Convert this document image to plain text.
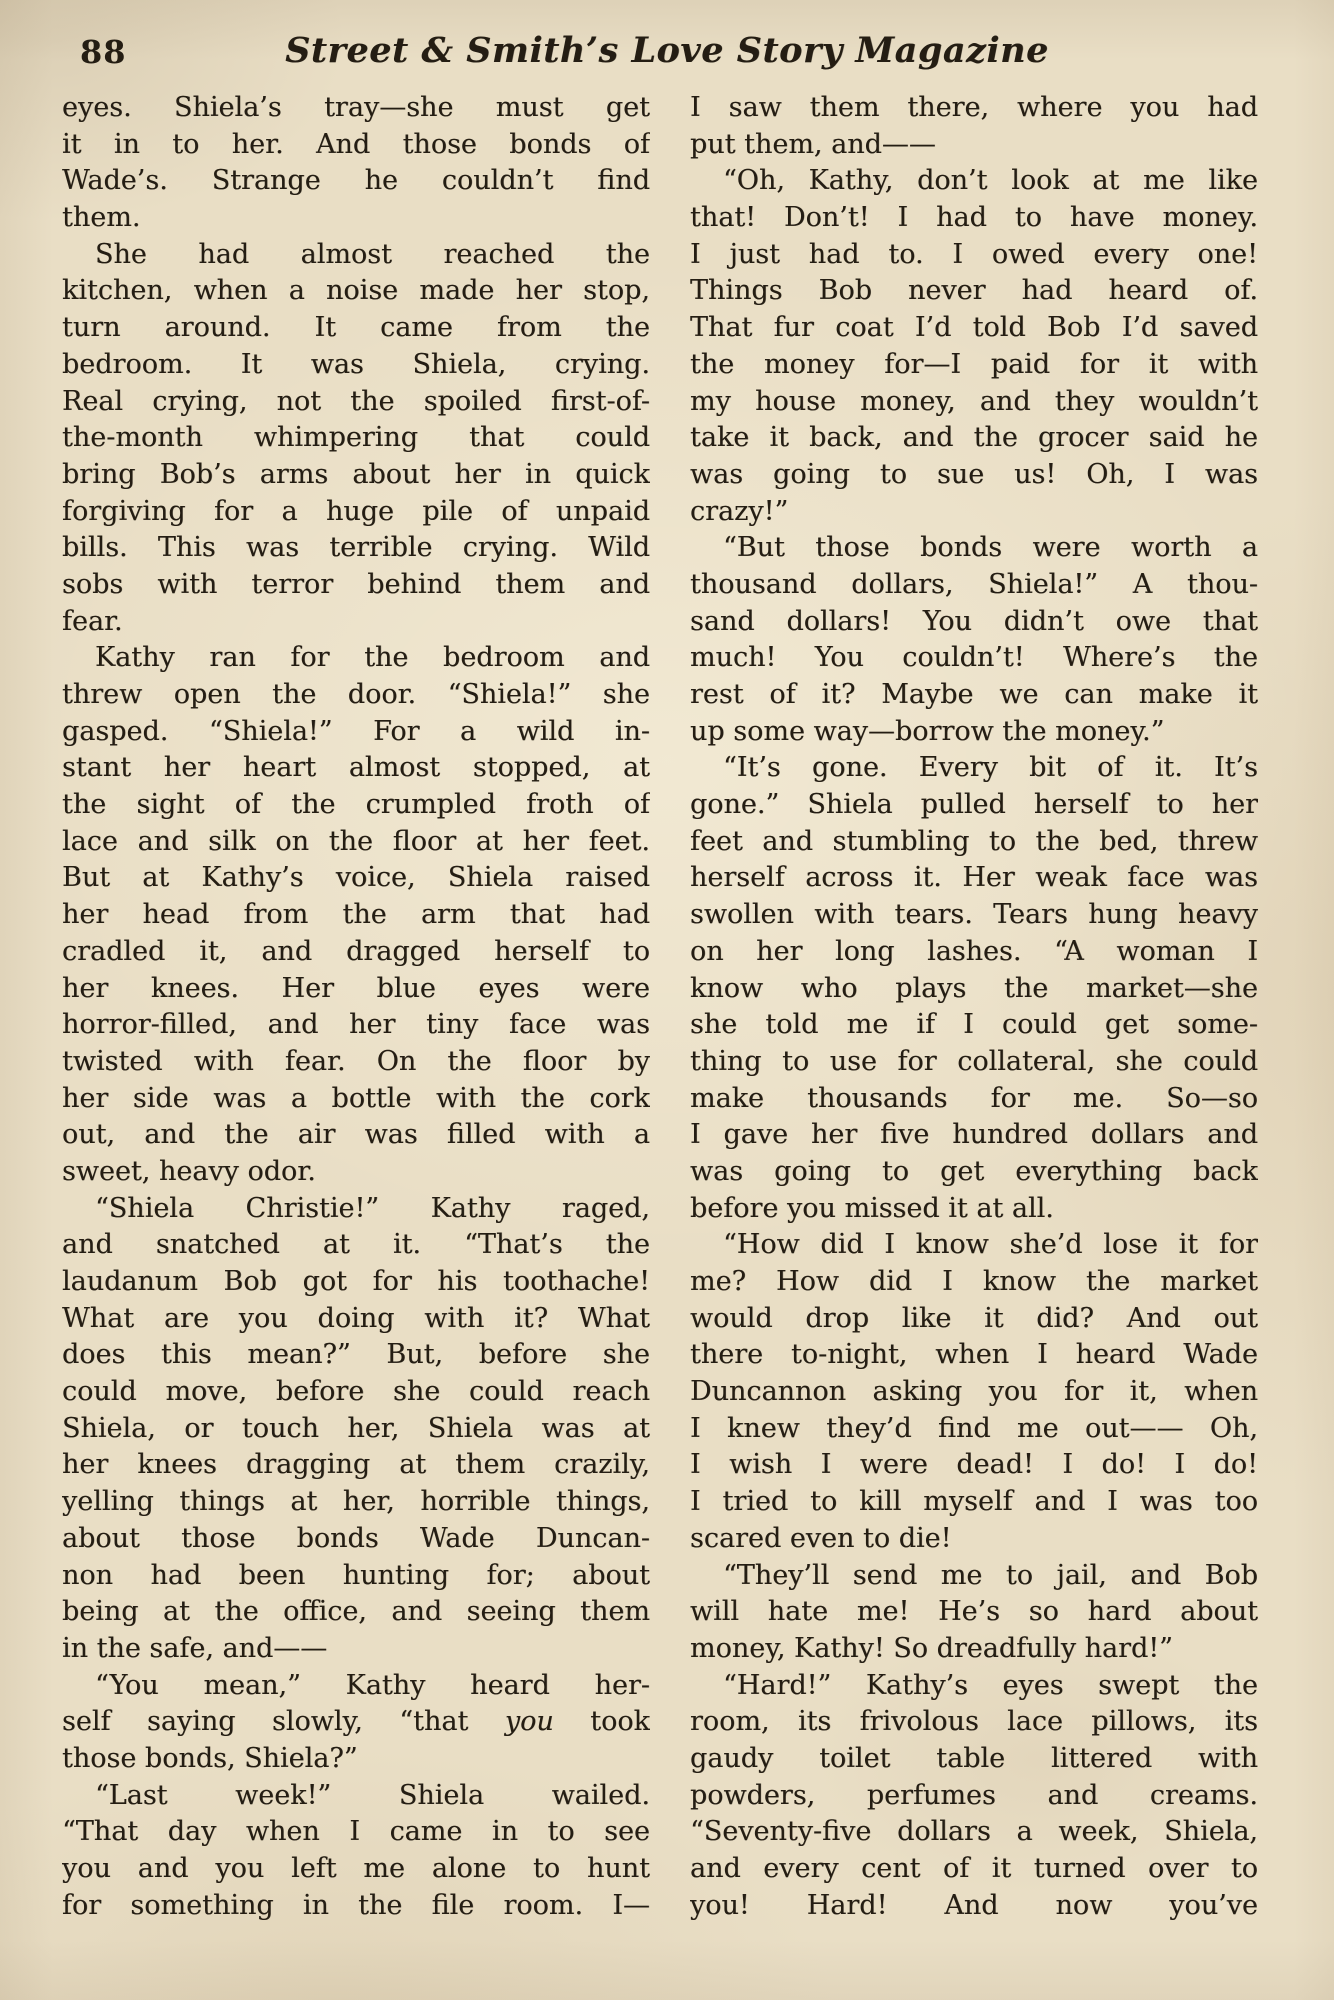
88	Street & Smith’s Love Story Magazine
eyes. Shiela’s tray—she must get
it in to her. And those bonds of
Wade’s. Strange he couldn’t find
them.
She had almost reached the
kitchen, when a noise made her stop,
turn around. It came from the
bedroom. It was Shiela, crying.
Real crying, not the spoiled first-of-
the-month whimpering that could
bring Bob’s arms about her in quick
forgiving for a huge pile of unpaid
bills. This was terrible crying. Wild
sobs with terror behind them and
fear.
Kathy ran for the bedroom and
threw open the door. “Shiela!” she
gasped. “Shiela!” For a wild in-
stant her heart almost stopped, at
the sight of the crumpled froth of
lace and silk on the floor at her feet.
But at Kathy’s voice, Shiela raised
her head from the arm that had
cradled it, and dragged herself to
her knees. Her blue eyes were
horror-filled, and her tiny face was
twisted with fear. On the floor by
her side was a bottle with the cork
out, and the air was filled with a
sweet, heavy odor.
“Shiela Christie!” Kathy raged,
and snatched at it. “That’s the
laudanum Bob got for his toothache!
What are you doing with it? What
does this mean?” But, before she
could move, before she could reach
Shiela, or touch her, Shiela was at
her knees dragging at them crazily,
yelling things at her, horrible things,
about those bonds Wade Duncan-
non had been hunting for; about
being at the office, and seeing them
in the safe, and——
“You mean,” Kathy heard her-
self saying slowly, “that you took
those bonds, Shiela?”
“Last week!” Shiela wailed.
“That day when I came in to see
you and you left me alone to hunt
for something in the file room. I—
I saw them there, where you had
put them, and——
“Oh, Kathy, don’t look at me like
that! Don’t! I had to have money.
I just had to. I owed every one!
Things Bob never had heard of.
That fur coat I’d told Bob I’d saved
the money for—I paid for it with
my house money, and they wouldn’t
take it back, and the grocer said he
was going to sue us! Oh, I was
crazy!”
“But those bonds were worth a
thousand dollars, Shiela!” A thou-
sand dollars! You didn’t owe that
much! You couldn’t! Where’s the
rest of it? Maybe we can make it
up some way—borrow the money.”
“It’s gone. Every bit of it. It’s
gone.” Shiela pulled herself to her
feet and stumbling to the bed, threw
herself across it. Her weak face was
swollen with tears. Tears hung heavy
on her long lashes. “A woman I
know who plays the market—she
she told me if I could get some-
thing to use for collateral, she could
make thousands for me. So—so
I gave her five hundred dollars and
was going to get everything back
before you missed it at all.
“How did I know she’d lose it for
me? How did I know the market
would drop like it did? And out
there to-night, when I heard Wade
Duncannon asking you for it, when
I knew they’d find me out—— Oh,
I wish I were dead! I do! I do!
I tried to kill myself and I was too
scared even to die!
“They’ll send me to jail, and Bob
will hate me! He’s so hard about
money, Kathy! So dreadfully hard!”
“Hard!” Kathy’s eyes swept the
room, its frivolous lace pillows, its
gaudy toilet table littered with
powders, perfumes and creams.
“Seventy-five dollars a week, Shiela,
and every cent of it turned over to
you! Hard! And now you’ve
